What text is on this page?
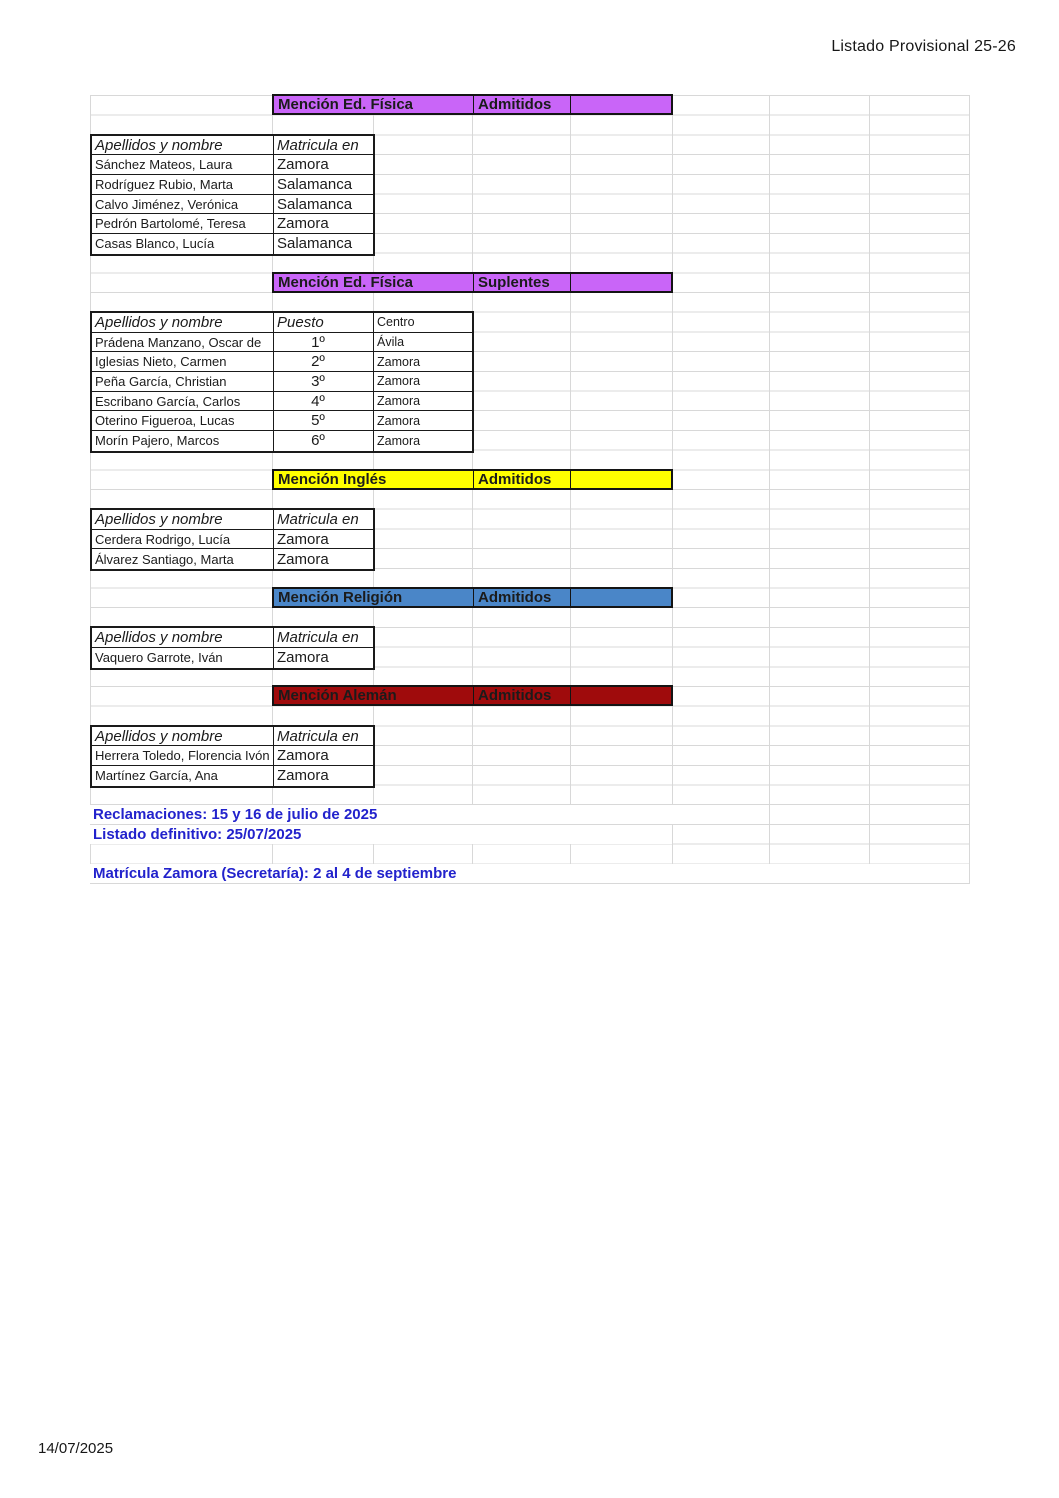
Listado Provisional 25-26
Mención Ed. Física	Admitidos
Apellidos y nombre	Matricula en
Sánchez Mateos, Laura	Zamora
Rodríguez Rubio, Marta	Salamanca
Calvo Jiménez, Verónica	Salamanca
Pedrón Bartolomé, Teresa	Zamora
Casas Blanco, Lucía	Salamanca
Mención Ed. Física	Suplentes
Apellidos y nombre	Puesto	Centro
Prádena Manzano, Oscar de	1º	Ávila
Iglesias Nieto, Carmen	2º	Zamora
Peña García, Christian	3º	Zamora
Escribano García, Carlos	4º	Zamora
Oterino Figueroa, Lucas	5º	Zamora
Morín Pajero, Marcos	6º	Zamora
Mención Inglés	Admitidos
Apellidos y nombre	Matricula en
Cerdera Rodrigo, Lucía	Zamora
Álvarez Santiago, Marta	Zamora
Mención Religión	Admitidos
Apellidos y nombre	Matricula en
Vaquero Garrote, Iván	Zamora
Mención Alemán	Admitidos
Apellidos y nombre	Matricula en
Herrera Toledo, Florencia Ivón Zamora
Martínez García, Ana	Zamora
Reclamaciones: 15 y 16 de julio de 2025
Listado definitivo: 25/07/2025
Matrícula Zamora (Secretaría): 2 al 4 de septiembre
14/07/2025
